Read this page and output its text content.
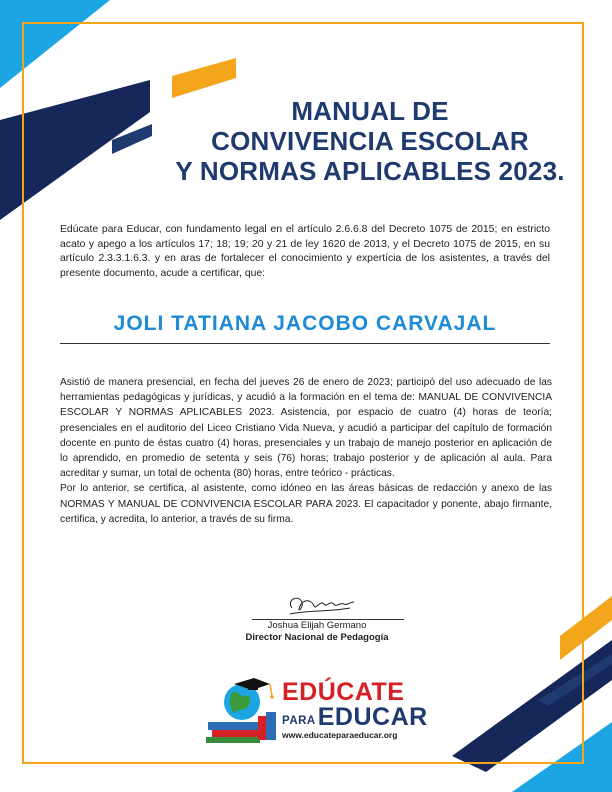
MANUAL DE
CONVIVENCIA ESCOLAR
Y NORMAS APLICABLES 2023.
Edúcate para Educar, con fundamento legal en el artículo 2.6.6.8 del Decreto 1075 de 2015; en estricto acato y apego a los artículos 17; 18; 19; 20 y 21 de ley 1620 de 2013, y el Decreto 1075 de 2015, en su artículo 2.3.3.1.6.3. y en aras de fortalecer el conocimiento y expertícia de los asistentes, a través del presente documento, acude a certificar, que:
JOLI TATIANA JACOBO CARVAJAL

Asistió de manera presencial, en fecha del jueves 26 de enero de 2023; participó del uso adecuado de las herramientas pedagógicas y jurídicas, y acudió a la formación en el tema de: MANUAL DE CONVIVENCIA ESCOLAR Y NORMAS APLICABLES 2023. Asistencia, por espacio de cuatro (4) horas de teoría; presenciales en el auditorio del Liceo Cristiano Vida Nueva, y acudió a participar del capítulo de formación docente en punto de éstas cuatro (4) horas, presenciales y un trabajo de manejo posterior en aplicación de lo aprendido, en promedio de setenta y seis (76) horas; trabajo posterior y de aplicación al aula. Para acreditar y sumar, un total de ochenta (80) horas, entre teórico - prácticas.

Por lo anterior, se certifica, al asistente, como idóneo en las áreas básicas de redacción y anexo de las NORMAS Y MANUAL DE CONVIVENCIA ESCOLAR PARA 2023. El capacitador y ponente, abajo firmante, certifica, y acredita, lo anterior, a través de su firma.

Joshua Elijah Germano
Director Nacional de Pedagogía
EDÚCATE
PARA EDUCAR
www.educateparaeducar.org
